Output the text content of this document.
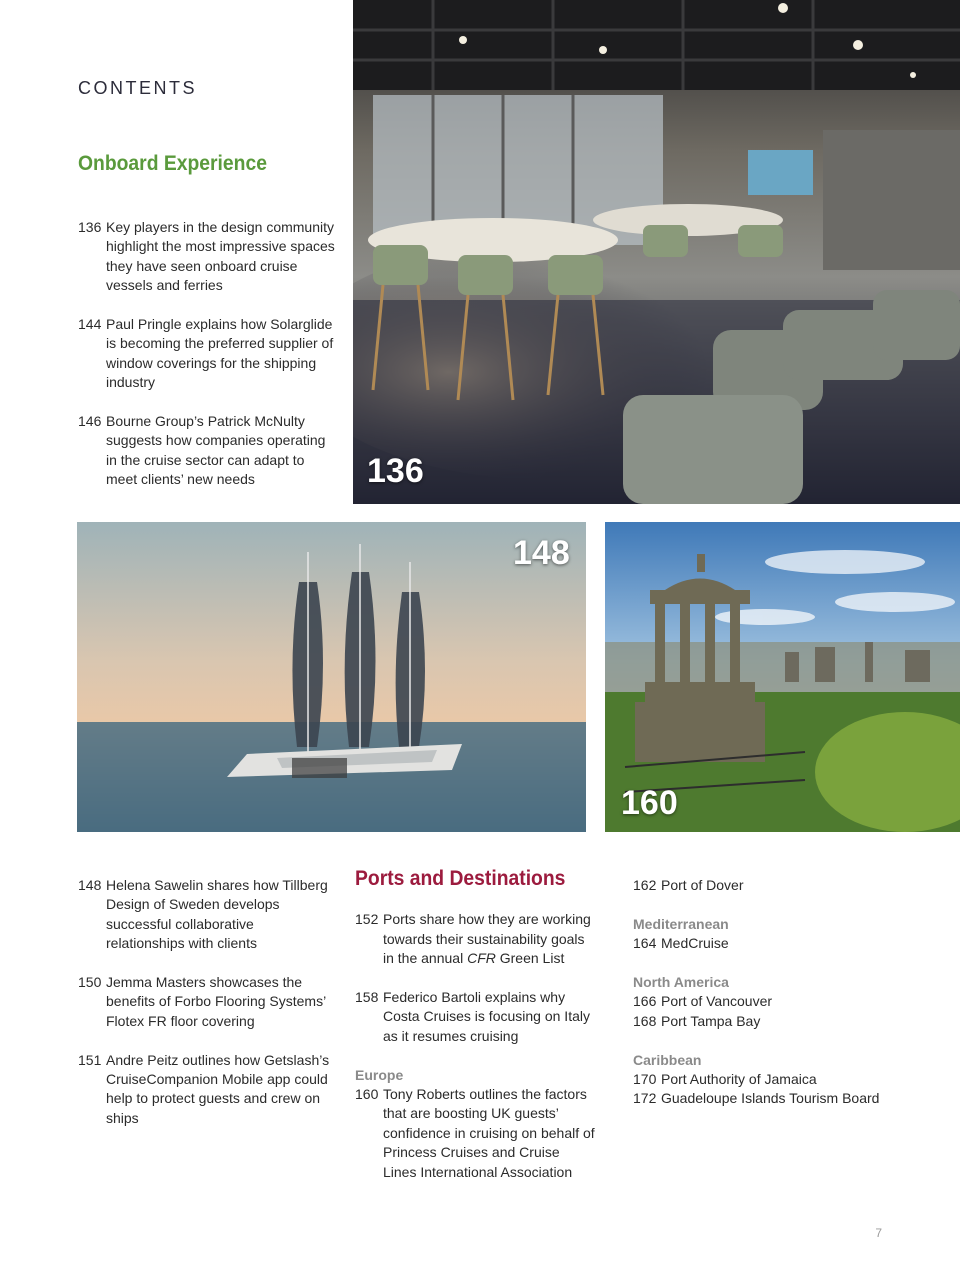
CONTENTS
Onboard Experience
136 Key players in the design community highlight the most impressive spaces they have seen onboard cruise vessels and ferries
144 Paul Pringle explains how Solarglide is becoming the preferred supplier of window coverings for the shipping industry
146 Bourne Group’s Patrick McNulty suggests how companies operating in the cruise sector can adapt to meet clients’ new needs	136
148
160
148 Helena Sawelin shares how Tillberg Design of Sweden develops successful collaborative relationships with clients
150 Jemma Masters showcases the benefits of Forbo Flooring Systems’ Flotex FR floor covering
151 Andre Peitz outlines how Getslash’s CruiseCompanion Mobile app could help to protect guests and crew on ships
Ports and Destinations
152 Ports share how they are working towards their sustainability goals in the annual CFR Green List
158 Federico Bartoli explains why Costa Cruises is focusing on Italy as it resumes cruising
Europe
160 Tony Roberts outlines the factors that are boosting UK guests’ confidence in cruising on behalf of Princess Cruises and Cruise Lines International Association
162 Port of Dover
Mediterranean
164 MedCruise
North America
166 Port of Vancouver
168 Port Tampa Bay
Caribbean
170 Port Authority of Jamaica
172 Guadeloupe Islands Tourism Board
7
